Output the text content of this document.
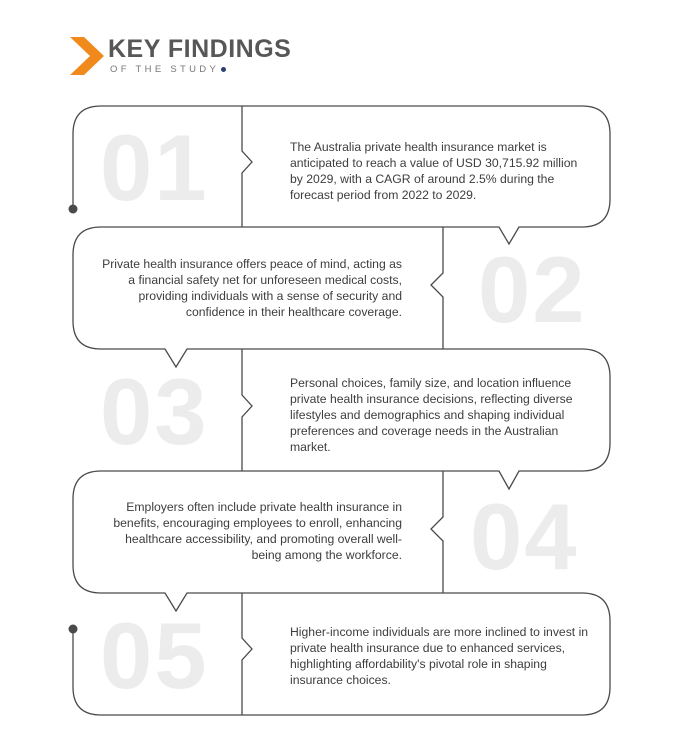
KEY FINDINGS
OF THE STUDY
01	The Australia private health insurance market is anticipated to reach a value of USD 30,715.92 million by 2029, with a CAGR of around 2.5% during the forecast period from 2022 to 2029.
02
Private health insurance offers peace of mind, acting as a financial safety net for unforeseen medical costs, providing individuals with a sense of security and confidence in their healthcare coverage.
03	Personal choices, family size, and location influence private health insurance decisions, reflecting diverse lifestyles and demographics and shaping individual preferences and coverage needs in the Australian market.
04
Employers often include private health insurance in benefits, encouraging employees to enroll, enhancing healthcare accessibility, and promoting overall well-being among the workforce.
05	Higher-income individuals are more inclined to invest in private health insurance due to enhanced services, highlighting affordability's pivotal role in shaping insurance choices.
